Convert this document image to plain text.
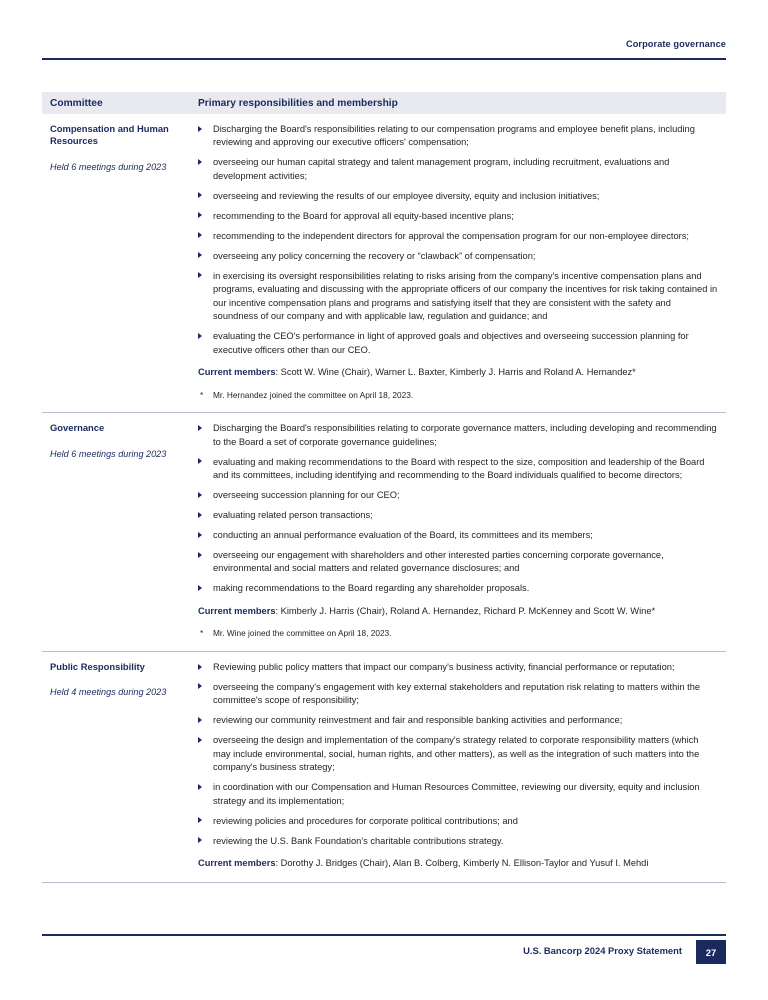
Corporate governance
Committee	Primary responsibilities and membership
Compensation and Human Resources
Held 6 meetings during 2023
Discharging the Board's responsibilities relating to our compensation programs and employee benefit plans, including reviewing and approving our executive officers' compensation;
overseeing our human capital strategy and talent management program, including recruitment, evaluations and development activities;
overseeing and reviewing the results of our employee diversity, equity and inclusion initiatives;
recommending to the Board for approval all equity-based incentive plans;
recommending to the independent directors for approval the compensation program for our non-employee directors;
overseeing any policy concerning the recovery or “clawback” of compensation;
in exercising its oversight responsibilities relating to risks arising from the company's incentive compensation plans and programs, evaluating and discussing with the appropriate officers of our company the incentives for risk taking contained in our incentive compensation plans and programs and satisfying itself that they are consistent with the safety and soundness of our company and with applicable law, regulation and guidance; and
evaluating the CEO's performance in light of approved goals and objectives and overseeing succession planning for executive officers other than our CEO.
Current members: Scott W. Wine (Chair), Warner L. Baxter, Kimberly J. Harris and Roland A. Hernandez*
* Mr. Hernandez joined the committee on April 18, 2023.
Governance
Held 6 meetings during 2023
Discharging the Board's responsibilities relating to corporate governance matters, including developing and recommending to the Board a set of corporate governance guidelines;
evaluating and making recommendations to the Board with respect to the size, composition and leadership of the Board and its committees, including identifying and recommending to the Board individuals qualified to become directors;
overseeing succession planning for our CEO;
evaluating related person transactions;
conducting an annual performance evaluation of the Board, its committees and its members;
overseeing our engagement with shareholders and other interested parties concerning corporate governance, environmental and social matters and related governance disclosures; and
making recommendations to the Board regarding any shareholder proposals.
Current members: Kimberly J. Harris (Chair), Roland A. Hernandez, Richard P. McKenney and Scott W. Wine*
* Mr. Wine joined the committee on April 18, 2023.
Public Responsibility
Held 4 meetings during 2023
Reviewing public policy matters that impact our company's business activity, financial performance or reputation;
overseeing the company's engagement with key external stakeholders and reputation risk relating to matters within the committee's scope of responsibility;
reviewing our community reinvestment and fair and responsible banking activities and performance;
overseeing the design and implementation of the company's strategy related to corporate responsibility matters (which may include environmental, social, human rights, and other matters), as well as the integration of such matters into the company's business strategy;
in coordination with our Compensation and Human Resources Committee, reviewing our diversity, equity and inclusion strategy and its implementation;
reviewing policies and procedures for corporate political contributions; and
reviewing the U.S. Bank Foundation's charitable contributions strategy.
Current members: Dorothy J. Bridges (Chair), Alan B. Colberg, Kimberly N. Ellison-Taylor and Yusuf I. Mehdi
U.S. Bancorp 2024 Proxy Statement	27
